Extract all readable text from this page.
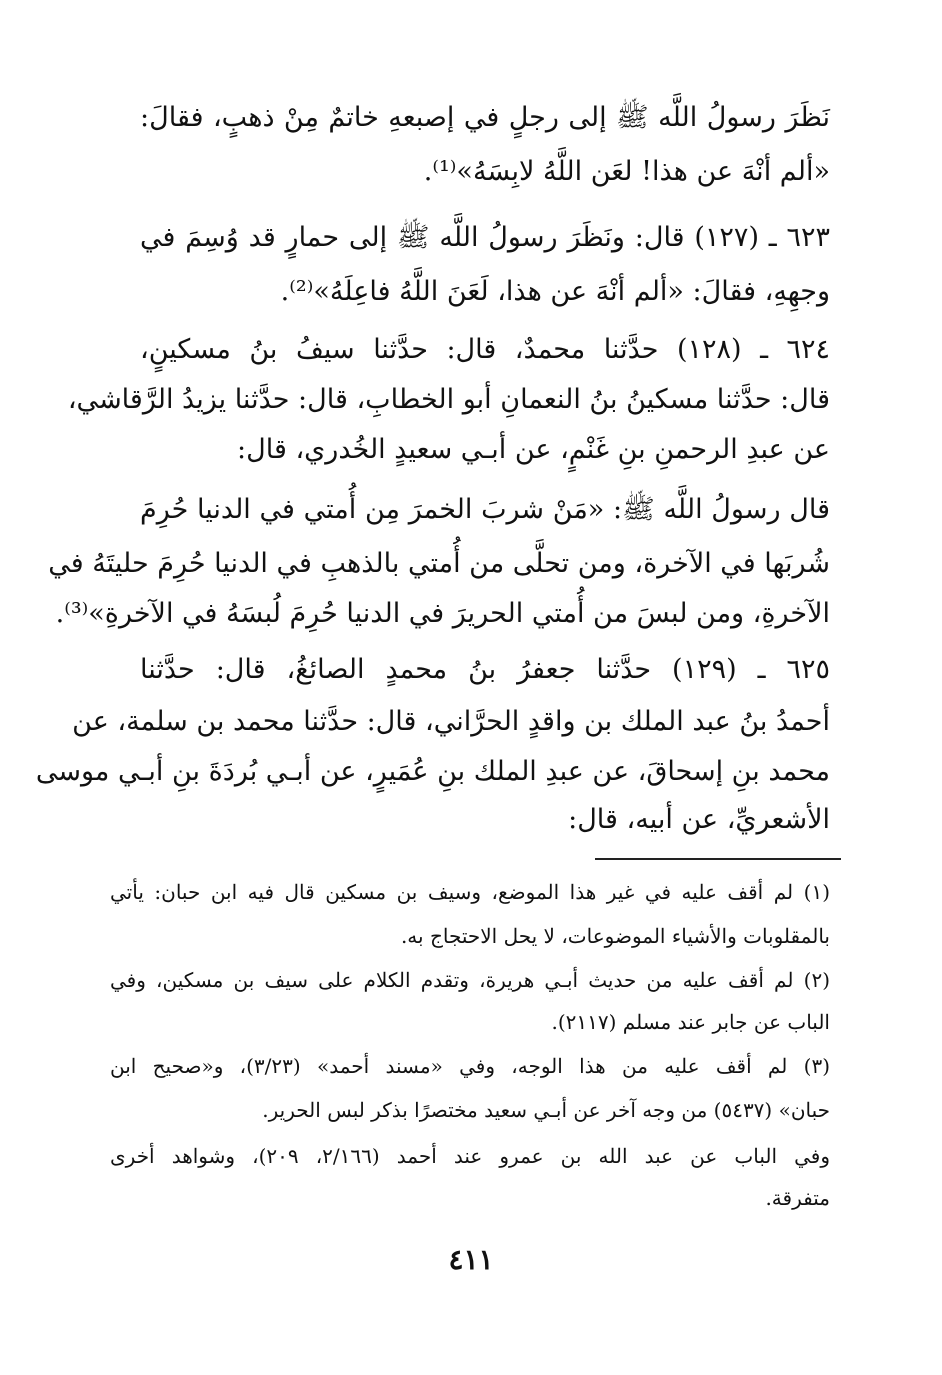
نَظَرَ رسولُ اللَّه ﷺ إلى رجلٍ في إصبعهِ خاتمٌ مِنْ ذهبٍ، فقالَ:
«ألم أنْهَ عن هذا! لعَن اللَّهُ لابِسَهُ»⁽¹⁾.
٦٢٣ ـ (١٢٧) قال: ونَظَرَ رسولُ اللَّه ﷺ إلى حمارٍ قد وُسِمَ في
وجهِهِ، فقالَ: «ألم أنْهَ عن هذا، لَعَنَ اللَّهُ فاعِلَهُ»⁽²⁾.
٦٢٤ ـ (١٢٨) حدَّثنا محمدٌ، قال: حدَّثنا سيفُ بنُ مسكينٍ،
قال: حدَّثنا مسكينُ بنُ النعمانِ أبو الخطابِ، قال: حدَّثنا يزيدُ الرَّقاشي،
عن عبدِ الرحمنِ بنِ غَنْمٍ، عن أبـي سعيدٍ الخُدري، قال:
قال رسولُ اللَّه ﷺ: «مَنْ شربَ الخمرَ مِن أُمتي في الدنيا حُرِمَ
شُربَها في الآخرة، ومن تحلَّى من أُمتي بالذهبِ في الدنيا حُرِمَ حليتَهُ في
الآخرةِ، ومن لبسَ من أُمتي الحريرَ في الدنيا حُرِمَ لُبسَهُ في الآخرةِ»⁽³⁾.
٦٢٥ ـ (١٢٩) حدَّثنا جعفرُ بنُ محمدٍ الصائغُ، قال: حدَّثنا
أحمدُ بنُ عبد الملك بن واقدٍ الحرَّاني، قال: حدَّثنا محمد بن سلمة، عن
محمد بنِ إسحاقَ، عن عبدِ الملك بنِ عُمَيرٍ، عن أبـي بُردَةَ بنِ أبـي موسى
الأشعريِّ، عن أبيه، قال:
(١) لم أقف عليه في غير هذا الموضع، وسيف بن مسكين قال فيه ابن حبان: يأتي
بالمقلوبات والأشياء الموضوعات، لا يحل الاحتجاج به.
(٢) لم أقف عليه من حديث أبـي هريرة، وتقدم الكلام على سيف بن مسكين، وفي
الباب عن جابر عند مسلم (٢١١٧).
(٣) لم أقف عليه من هذا الوجه، وفي «مسند أحمد» (٣/٢٣)، و«صحيح ابن
حبان» (٥٤٣٧) من وجه آخر عن أبـي سعيد مختصرًا بذكر لبس الحرير.
وفي الباب عن عبد الله بن عمرو عند أحمد (٢/١٦٦، ٢٠٩)، وشواهد أخرى
متفرقة.
٤١١
